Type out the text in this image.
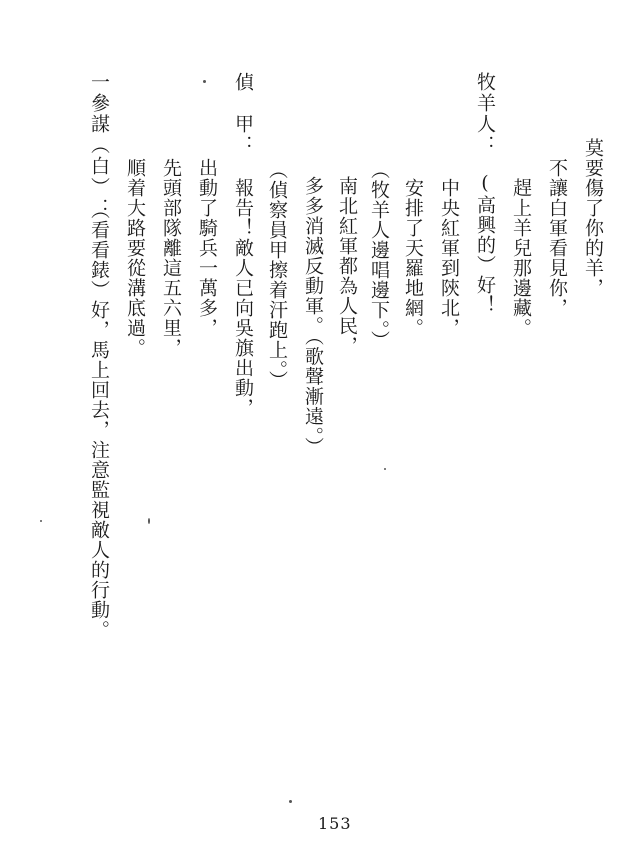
莫要傷了你的羊，
不讓白軍看見你，
趕上羊兒那邊藏。
牧羊人：
(高興的）好！
中央紅軍到陝北，
安排了天羅地網。
（牧羊人邊唱邊下。）
南北紅軍都為人民，
多多消滅反動軍。（歌聲漸遠。）
（偵察員甲擦着汗跑上。）
偵　甲：
報告！敵人已向吳旗出動，
出動了騎兵一萬多，
先頭部隊離這五六里，
順着大路要從溝底過。
一參謀（白）：
（看看錶）好，馬上回去，注意監視敵人的行動。
153
